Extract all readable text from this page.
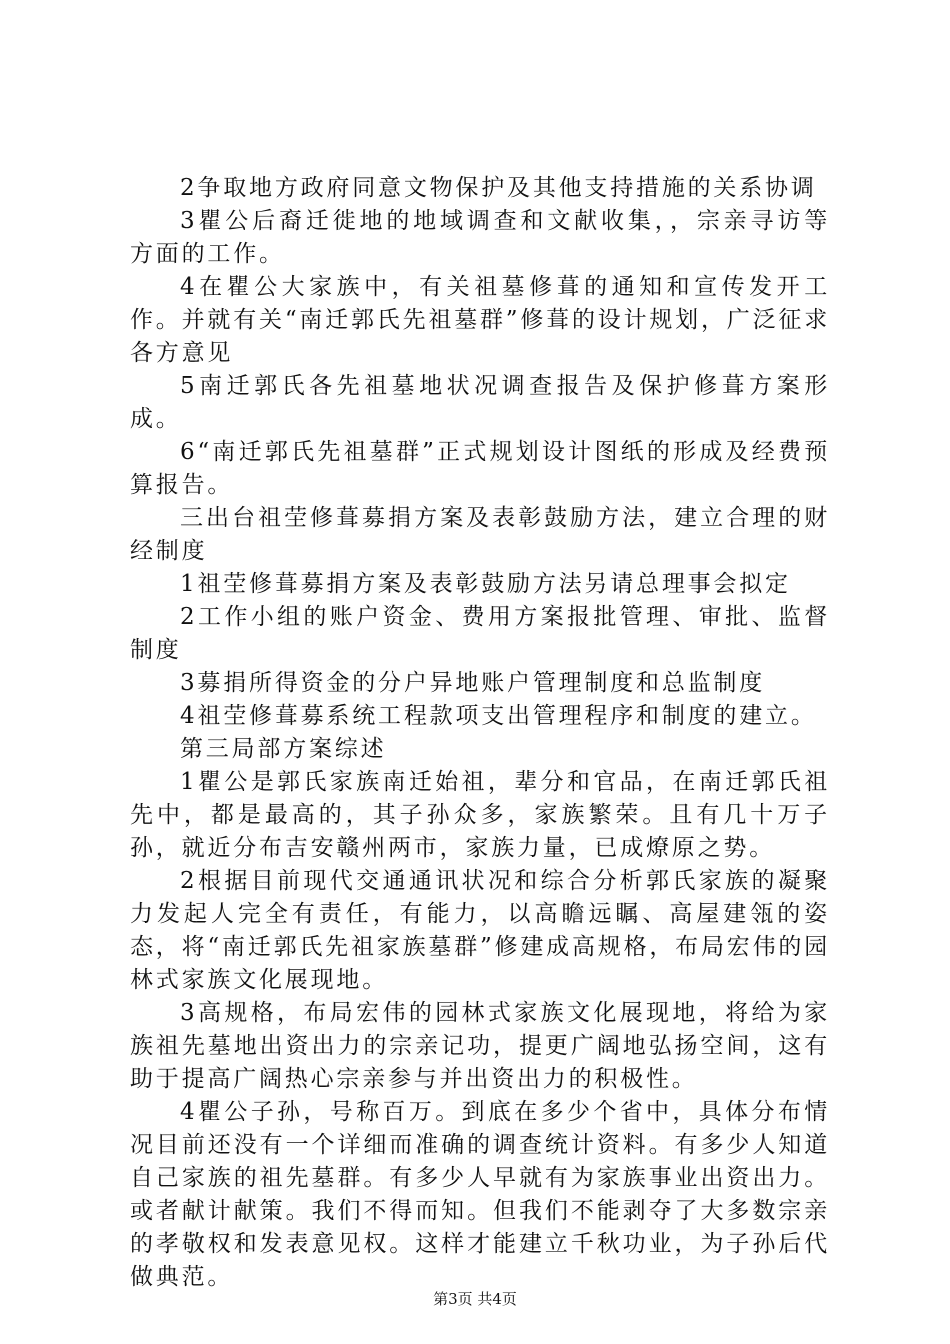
2争取地方政府同意文物保护及其他支持措施的关系协调

3瞿公后裔迁徙地的地域调查和文献收集，，宗亲寻访等方面的工作。

4在瞿公大家族中，有关祖墓修葺的通知和宣传发开工作。并就有关“南迁郭氏先祖墓群”修葺的设计规划，广泛征求各方意见

5南迁郭氏各先祖墓地状况调查报告及保护修葺方案形成。

6“南迁郭氏先祖墓群”正式规划设计图纸的形成及经费预算报告。

三出台祖茔修葺募捐方案及表彰鼓励方法，建立合理的财经制度

1祖茔修葺募捐方案及表彰鼓励方法另请总理事会拟定

2工作小组的账户资金、费用方案报批管理、审批、监督制度

3募捐所得资金的分户异地账户管理制度和总监制度

4祖茔修葺募系统工程款项支出管理程序和制度的建立。

第三局部方案综述

1瞿公是郭氏家族南迁始祖，辈分和官品，在南迁郭氏祖先中，都是最高的，其子孙众多，家族繁荣。且有几十万子孙，就近分布吉安赣州两市，家族力量，已成燎原之势。

2根据目前现代交通通讯状况和综合分析郭氏家族的凝聚力发起人完全有责任，有能力，以高瞻远瞩、高屋建瓴的姿态，将“南迁郭氏先祖家族墓群”修建成高规格，布局宏伟的园林式家族文化展现地。

3高规格，布局宏伟的园林式家族文化展现地，将给为家族祖先墓地出资出力的宗亲记功，提更广阔地弘扬空间，这有助于提高广阔热心宗亲参与并出资出力的积极性。

4瞿公子孙，号称百万。到底在多少个省中，具体分布情况目前还没有一个详细而准确的调查统计资料。有多少人知道自己家族的祖先墓群。有多少人早就有为家族事业出资出力。或者献计献策。我们不得而知。但我们不能剥夺了大多数宗亲的孝敬权和发表意见权。这样才能建立千秋功业，为子孙后代做典范。

第3页 共4页
